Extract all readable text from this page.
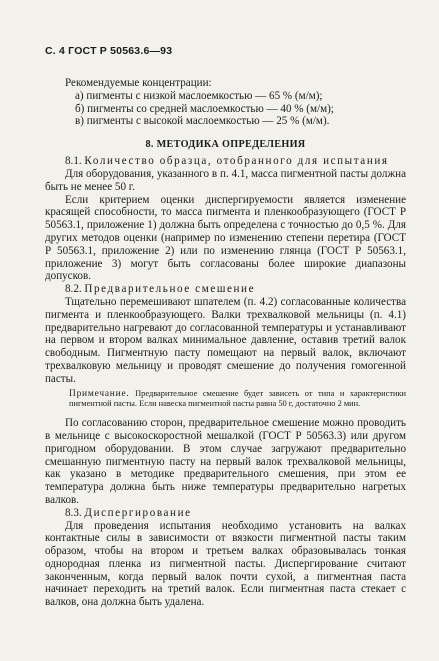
С. 4 ГОСТ Р 50563.6—93

Рекомендуемые концентрации:

а) пигменты с низкой маслоемкостью — 65 % (м/м);

б) пигменты со средней маслоемкостью — 40 % (м/м);

в) пигменты с высокой маслоемкостью — 25 % (м/м).

8. МЕТОДИКА ОПРЕДЕЛЕНИЯ

8.1. Количество образца, отобранного для испытания

Для оборудования, указанного в п. 4.1, масса пигментной пасты должна быть не менее 50 г.

Если критерием оценки диспергируемости является изменение красящей способности, то масса пигмента и пленкообразующего (ГОСТ Р 50563.1, приложение 1) должна быть определена с точностью до 0,5 %. Для других методов оценки (например по изменению степени перетира (ГОСТ Р 50563.1, приложение 2) или по изменению глянца (ГОСТ Р 50563.1, приложение 3) могут быть согласованы более широкие диапазоны допусков.

8.2. Предварительное смешение

Тщательно перемешивают шпателем (п. 4.2) согласованные количества пигмента и пленкообразующего. Валки трехвалковой мельницы (п. 4.1) предварительно нагревают до согласованной температуры и устанавливают на первом и втором валках минимальное давление, оставив третий валок свободным. Пигментную пасту помещают на первый валок, включают трехвалковую мельницу и проводят смешение до получения гомогенной пасты.

Примечание. Предварительное смешение будет зависеть от типа и характеристики пигментной пасты. Если навеска пигментной пасты равна 50 г, достаточно 2 мин.

По согласованию сторон, предварительное смешение можно проводить в мельнице с высокоскоростной мешалкой (ГОСТ Р 50563.3) или другом пригодном оборудовании. В этом случае загружают предварительно смешанную пигментную пасту на первый валок трехвалковой мельницы, как указано в методике предварительного смешения, при этом ее температура должна быть ниже температуры предварительно нагретых валков.

8.3. Диспергирование

Для проведения испытания необходимо установить на валках контактные силы в зависимости от вязкости пигментной пасты таким образом, чтобы на втором и третьем валках образовывалась тонкая однородная пленка из пигментной пасты. Диспергирование считают законченным, когда первый валок почти сухой, а пигментная паста начинает переходить на третий валок. Если пигментная паста стекает с валков, она должна быть удалена.
